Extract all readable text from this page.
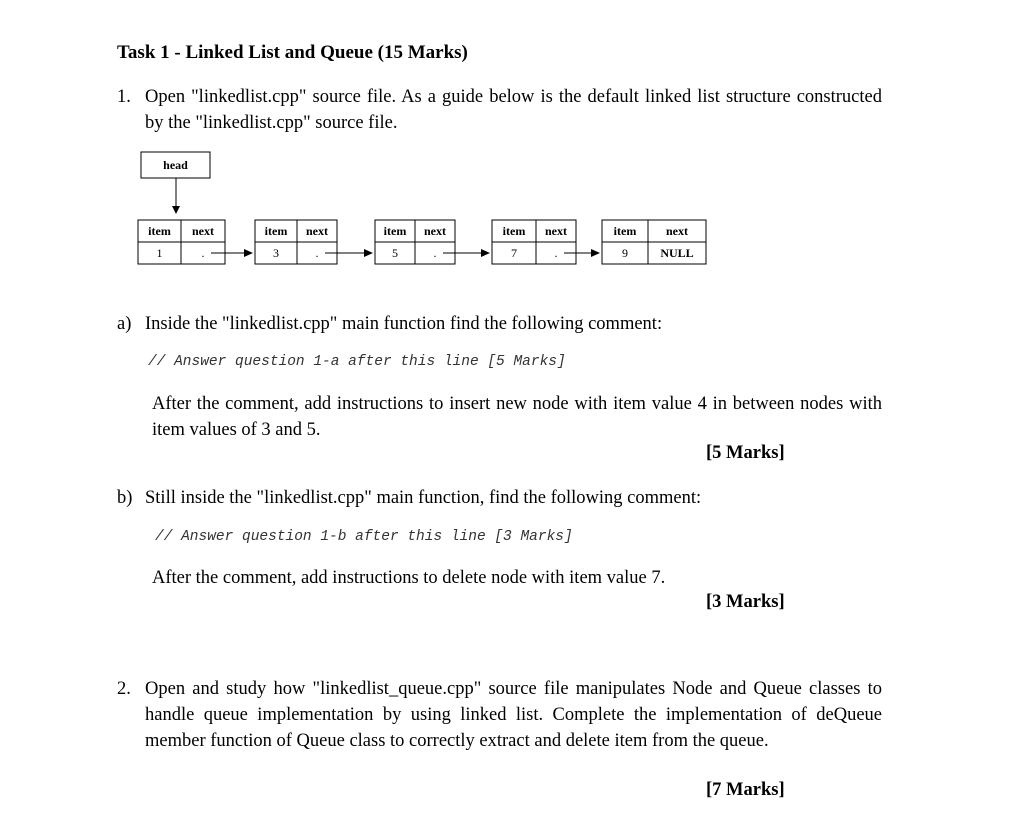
Task 1 - Linked List and Queue (15 Marks)
1. Open "linkedlist.cpp" source file. As a guide below is the default linked list structure constructed by the "linkedlist.cpp" source file.
head
item next
1	.
item next
3	.
item next
5	.
item next
7	.
item next
9	NULL
a) Inside the "linkedlist.cpp" main function find the following comment:
// Answer question 1-a after this line [5 Marks]
After the comment, add instructions to insert new node with item value 4 in between nodes with item values of 3 and 5.
[5 Marks]
b) Still inside the "linkedlist.cpp" main function, find the following comment:
// Answer question 1-b after this line [3 Marks]
After the comment, add instructions to delete node with item value 7.
[3 Marks]
2. Open and study how "linkedlist_queue.cpp" source file manipulates Node and Queue classes to handle queue implementation by using linked list. Complete the implementation of deQueue member function of Queue class to correctly extract and delete item from the queue.
[7 Marks]
